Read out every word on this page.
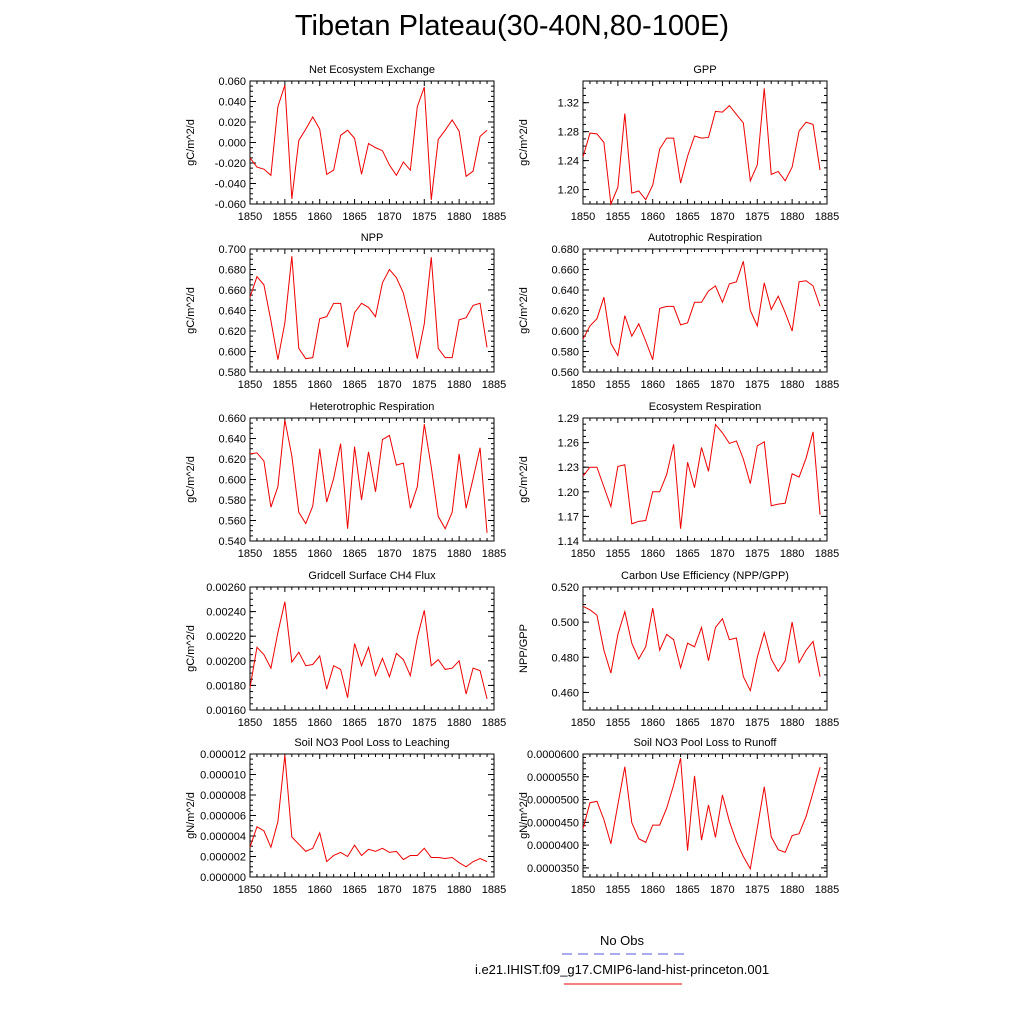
Tibetan Plateau(30-40N,80-100E)
1850 1855 1860 1865 1870 1875 1880 1885
-0.060
-0.040
-0.020
0.000
0.020
0.040
0.060
Net Ecosystem Exchange
gC/m^2/d
1850 1855 1860 1865 1870 1875 1880 1885
1.20
1.24
1.28
1.32
GPP
gC/m^2/d
1850 1855 1860 1865 1870 1875 1880 1885
0.580
0.600
0.620
0.640
0.660
0.680
0.700
NPP
gC/m^2/d
1850 1855 1860 1865 1870 1875 1880 1885
0.560
0.580
0.600
0.620
0.640
0.660
0.680
Autotrophic Respiration
gC/m^2/d
1850 1855 1860 1865 1870 1875 1880 1885
0.540
0.560
0.580
0.600
0.620
0.640
0.660
Heterotrophic Respiration
gC/m^2/d
1850 1855 1860 1865 1870 1875 1880 1885
1.14
1.17
1.20
1.23
1.26
1.29
Ecosystem Respiration
gC/m^2/d
1850 1855 1860 1865 1870 1875 1880 1885
0.00160
0.00180
0.00200
0.00220
0.00240
0.00260
Gridcell Surface CH4 Flux
gC/m^2/d
1850 1855 1860 1865 1870 1875 1880 1885
0.460
0.480
0.500
0.520
Carbon Use Efficiency (NPP/GPP)
NPP/GPP
1850 1855 1860 1865 1870 1875 1880 1885
0.000000
0.000002
0.000004
0.000006
0.000008
0.000010
0.000012
Soil NO3 Pool Loss to Leaching
gN/m^2/d
1850 1855 1860 1865 1870 1875 1880 1885
0.0000350
0.0000400
0.0000450
0.0000500
0.0000550
0.0000600
Soil NO3 Pool Loss to Runoff
gN/m^2/d
No Obs
i.e21.IHIST.f09_g17.CMIP6-land-hist-princeton.001
